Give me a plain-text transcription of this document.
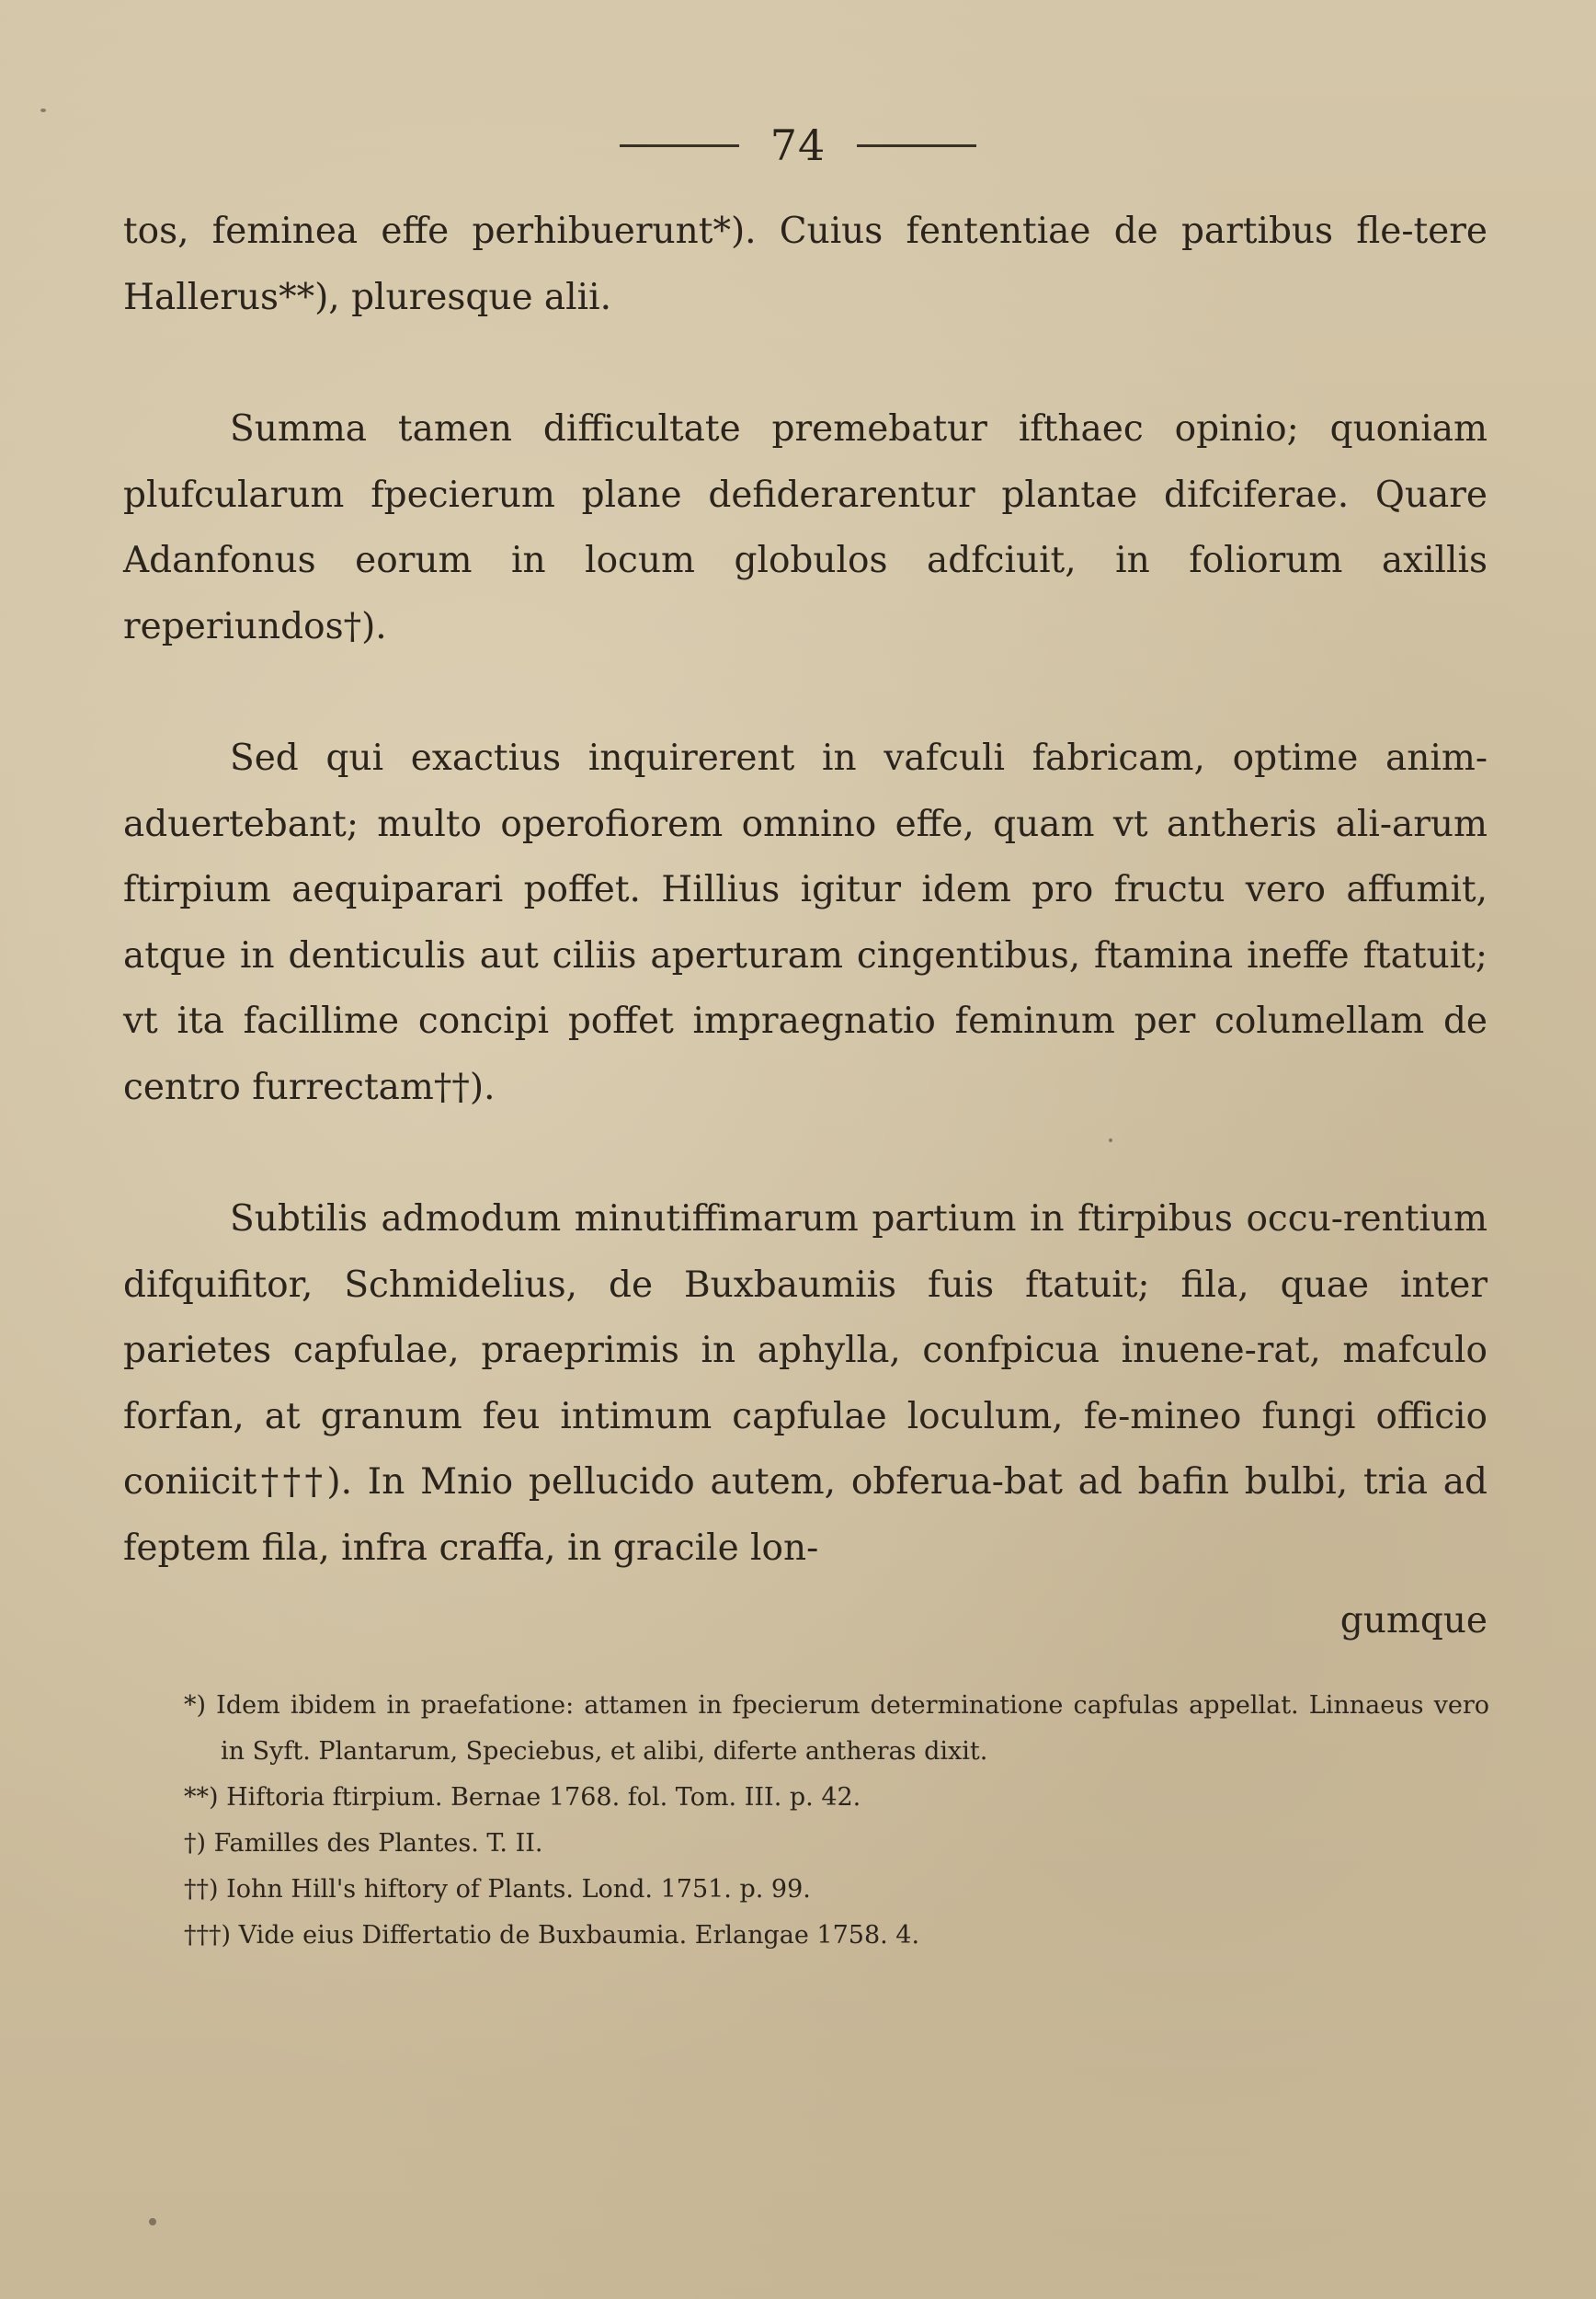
74

tos, feminea effe perhibuerunt*). Cuius fententiae de partibus fle-tere Hallerus**), pluresque alii.

Summa tamen difficultate premebatur ifthaec opinio; quoniam plufcularum fpecierum plane defiderarentur plantae difciferae. Quare Adanfonus eorum in locum globulos adfciuit, in foliorum axillis reperiundos†).

Sed qui exactius inquirerent in vafculi fabricam, optime anim-aduertebant; multo operofiorem omnino effe, quam vt antheris ali-arum ftirpium aequiparari poffet. Hillius igitur idem pro fructu vero affumit, atque in denticulis aut ciliis aperturam cingentibus, ftamina ineffe ftatuit; vt ita facillime concipi poffet impraegnatio feminum per columellam de centro furrectam††).

Subtilis admodum minutiffimarum partium in ftirpibus occu-rentium difquifitor, Schmidelius, de Buxbaumiis fuis ftatuit; fila, quae inter parietes capfulae, praeprimis in aphylla, confpicua inuene-rat, mafculo forfan, at granum feu intimum capfulae loculum, fe-mineo fungi officio coniicit†††). In Mnio pellucido autem, obferua-bat ad bafin bulbi, tria ad feptem fila, infra craffa, in gracile lon-

gumque

*) Idem ibidem in praefatione: attamen in fpecierum determinatione capfulas appellat. Linnaeus vero in Syft. Plantarum, Speciebus, et alibi, diferte antheras dixit.

**) Hiftoria ftirpium. Bernae 1768. fol. Tom. III. p. 42.

†) Familles des Plantes. T. II.

††) Iohn Hill's hiftory of Plants. Lond. 1751. p. 99.

†††) Vide eius Differtatio de Buxbaumia. Erlangae 1758. 4.
